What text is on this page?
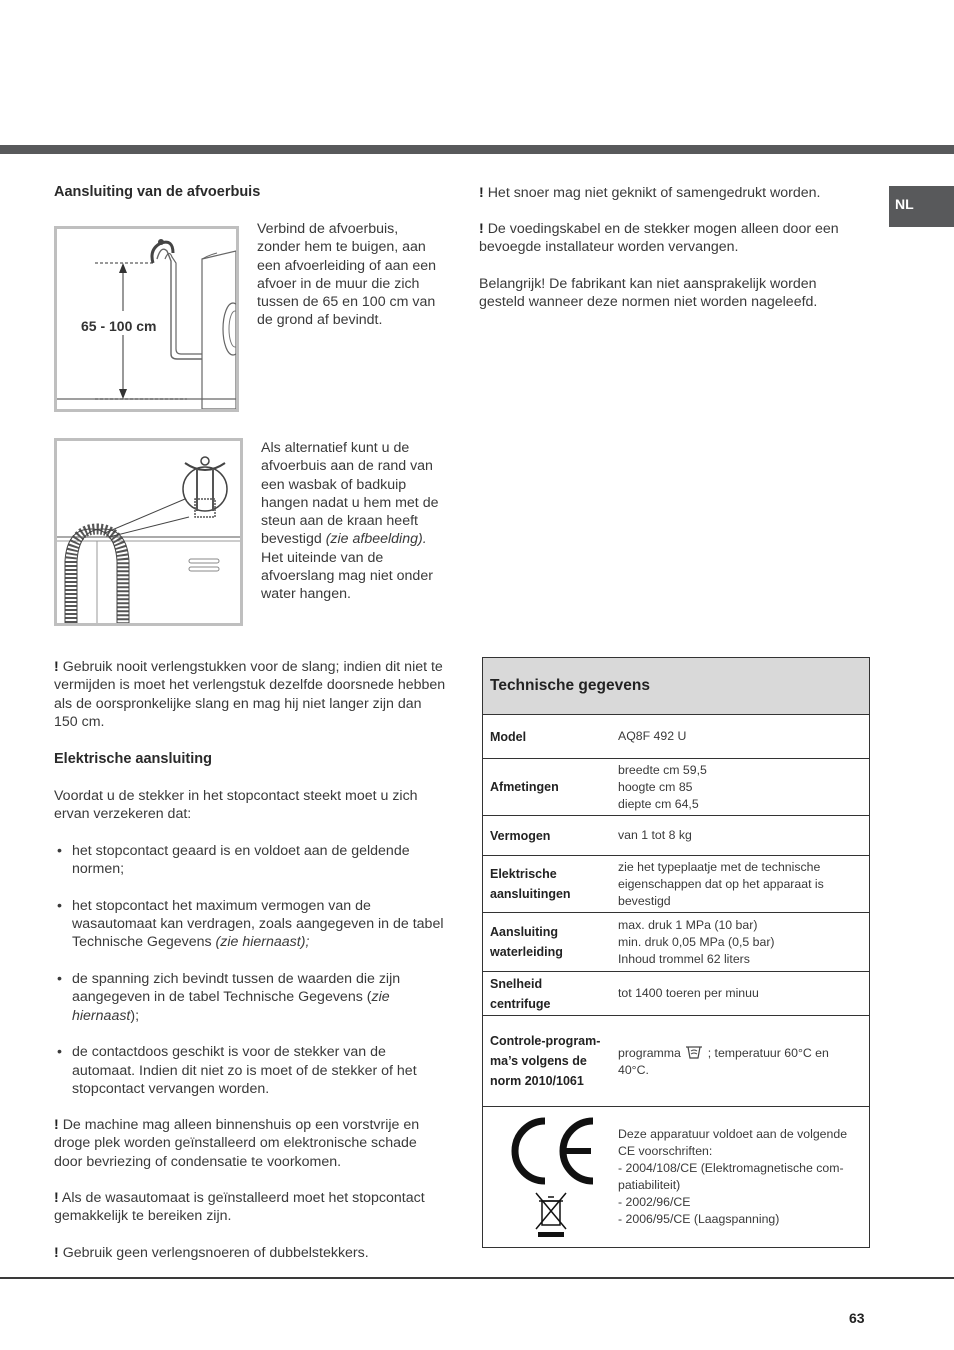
NL
Aansluiting van de afvoerbuis
65 - 100 cm
Verbind de afvoerbuis, zonder hem te buigen, aan een afvoerleiding of aan een afvoer in de muur die zich tussen de 65 en 100 cm van de grond af bevindt.
Als alternatief kunt u de afvoerbuis aan de rand van een wasbak of badkuip hangen nadat u hem met de steun aan de kraan heeft bevestigd (zie afbeelding).
Het uiteinde van de afvoerslang mag niet onder water hangen.
! Gebruik nooit verlengstukken voor de slang; indien dit niet te vermijden is moet het verlengstuk dezelfde doorsnede hebben als de oorspronkelijke slang en mag hij niet langer zijn dan 150 cm.
Elektrische aansluiting
Voordat u de stekker in het stopcontact steekt moet u zich ervan verzekeren dat:
• het stopcontact geaard is en voldoet aan de geldende normen;
• het stopcontact het maximum vermogen van de wasautomaat kan verdragen, zoals aangegeven in de tabel Technische Gegevens (zie hiernaast);
• de spanning zich bevindt tussen de waarden die zijn aangegeven in de tabel Technische Gegevens (zie hiernaast);
• de contactdoos geschikt is voor de stekker van de automaat. Indien dit niet zo is moet of de stekker of het stopcontact vervangen worden.
! De machine mag alleen binnenshuis op een vorstvrije en droge plek worden geïnstalleerd om elektronische schade door bevriezing of condensatie te voorkomen.
! Als de wasautomaat is geïnstalleerd moet het stopcontact gemakkelijk te bereiken zijn.
! Gebruik geen verlengsnoeren of dubbelstekkers.
! Het snoer mag niet geknikt of samengedrukt worden.
! De voedingskabel en de stekker mogen alleen door een bevoegde installateur worden vervangen.
Belangrijk! De fabrikant kan niet aansprakelijk worden gesteld wanneer deze normen niet worden nageleefd.
Technische gegevens
Model	AQ8F 492 U
Afmetingen
breedte cm 59,5
hoogte cm 85
diepte cm 64,5
Vermogen	van 1 tot 8 kg
Elektrische
aansluitingen
zie het typeplaatje met de technische eigenschappen dat op het apparaat is bevestigd
Aansluiting
waterleiding
max. druk 1 MPa (10 bar)
min. druk 0,05 MPa (0,5 bar)
Inhoud trommel 62 liters
Snelheid
centrifuge
tot 1400 toeren per minuu
Controle-program-
ma’s volgens de
norm 2010/1061
programma ; temperatuur 60°C en 40°C.
Deze apparatuur voldoet aan de volgende CE voorschriften:
- 2004/108/CE (Elektromagnetische com-patiabiliteit)
- 2002/96/CE
- 2006/95/CE (Laagspanning)
63
